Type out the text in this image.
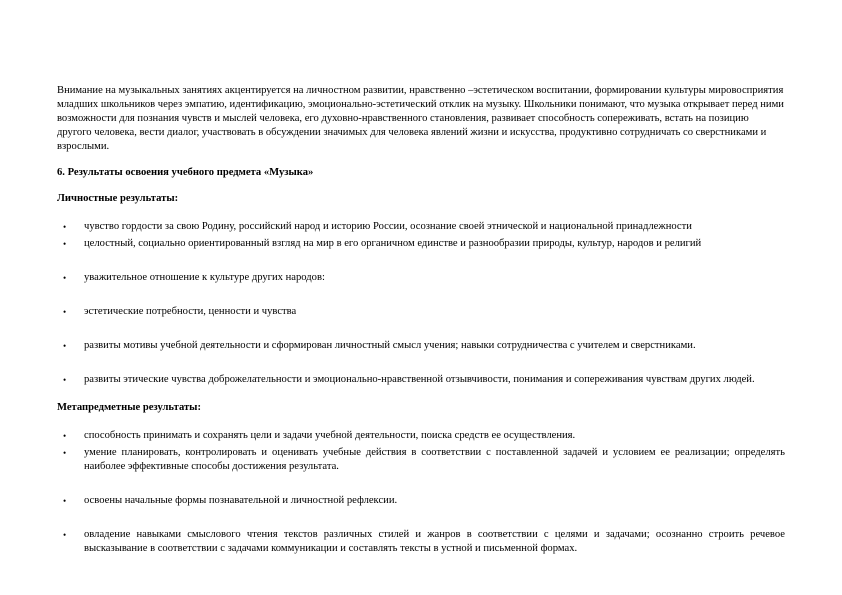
Внимание на музыкальных занятиях акцентируется на личностном развитии, нравственно –эстетическом воспитании, формировании культуры мировосприятия младших школьников через эмпатию, идентификацию, эмоционально-эстетический отклик на музыку. Школьники понимают, что музыка открывает перед ними возможности для познания чувств и мыслей человека, его духовно-нравственного становления, развивает способность сопереживать, встать на позицию другого человека, вести диалог, участвовать в обсуждении значимых для человека явлений жизни и искусства, продуктивно сотрудничать со сверстниками и взрослыми.

6. Результаты освоения учебного предмета «Музыка»

Личностные результаты:

• чувство гордости за свою Родину, российский народ и историю России, осознание своей этнической и национальной принадлежности
• целостный, социально ориентированный взгляд на мир в его органичном единстве и разнообразии природы, культур, народов и религий
• уважительное отношение к культуре других народов:
• эстетические потребности, ценности и чувства
• развиты мотивы учебной деятельности и сформирован личностный смысл учения; навыки сотрудничества с учителем и сверстниками.
• развиты этические чувства доброжелательности и эмоционально-нравственной отзывчивости, понимания и сопереживания чувствам других людей.

Метапредметные результаты:

• способность принимать и сохранять цели и задачи учебной деятельности, поиска средств ее осуществления.
• умение планировать, контролировать и оценивать учебные действия в соответствии с поставленной задачей и условием ее реализации; определять наиболее эффективные способы достижения результата.
• освоены начальные формы познавательной и личностной рефлексии.
• овладение навыками смыслового чтения текстов различных стилей и жанров в соответствии с целями и задачами; осознанно строить речевое высказывание в соответствии с задачами коммуникации и составлять тексты в устной и письменной формах.
